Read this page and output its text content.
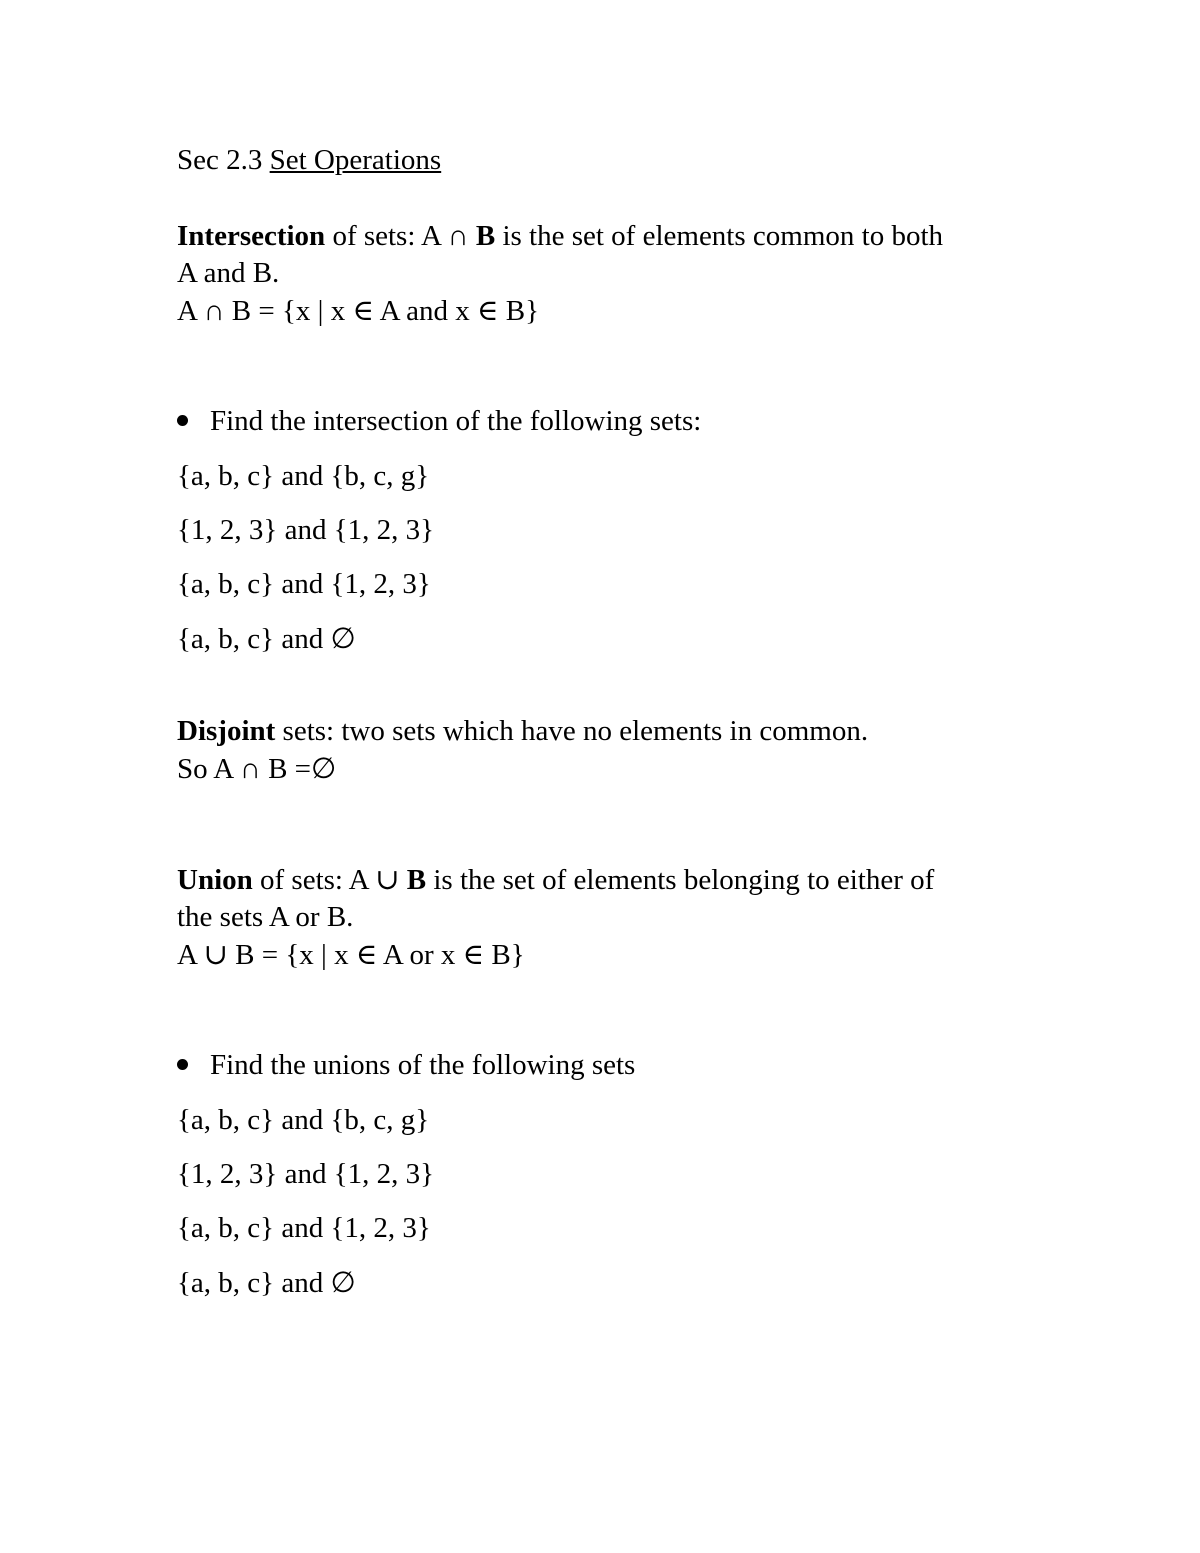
Sec 2.3 Set Operations
Intersection of sets: A ∩ B is the set of elements common to both
A and B.
A ∩ B = {x | x ∈ A and x ∈ B}
Find the intersection of the following sets:
{a, b, c} and {b, c, g}
{1, 2, 3} and {1, 2, 3}
{a, b, c} and {1, 2, 3}
{a, b, c} and ∅
Disjoint sets: two sets which have no elements in common.
So A ∩ B =∅
Union of sets: A ∪ B is the set of elements belonging to either of
the sets A or B.
A ∪ B = {x | x ∈ A or x ∈ B}
Find the unions of the following sets
{a, b, c} and {b, c, g}
{1, 2, 3} and {1, 2, 3}
{a, b, c} and {1, 2, 3}
{a, b, c} and ∅
